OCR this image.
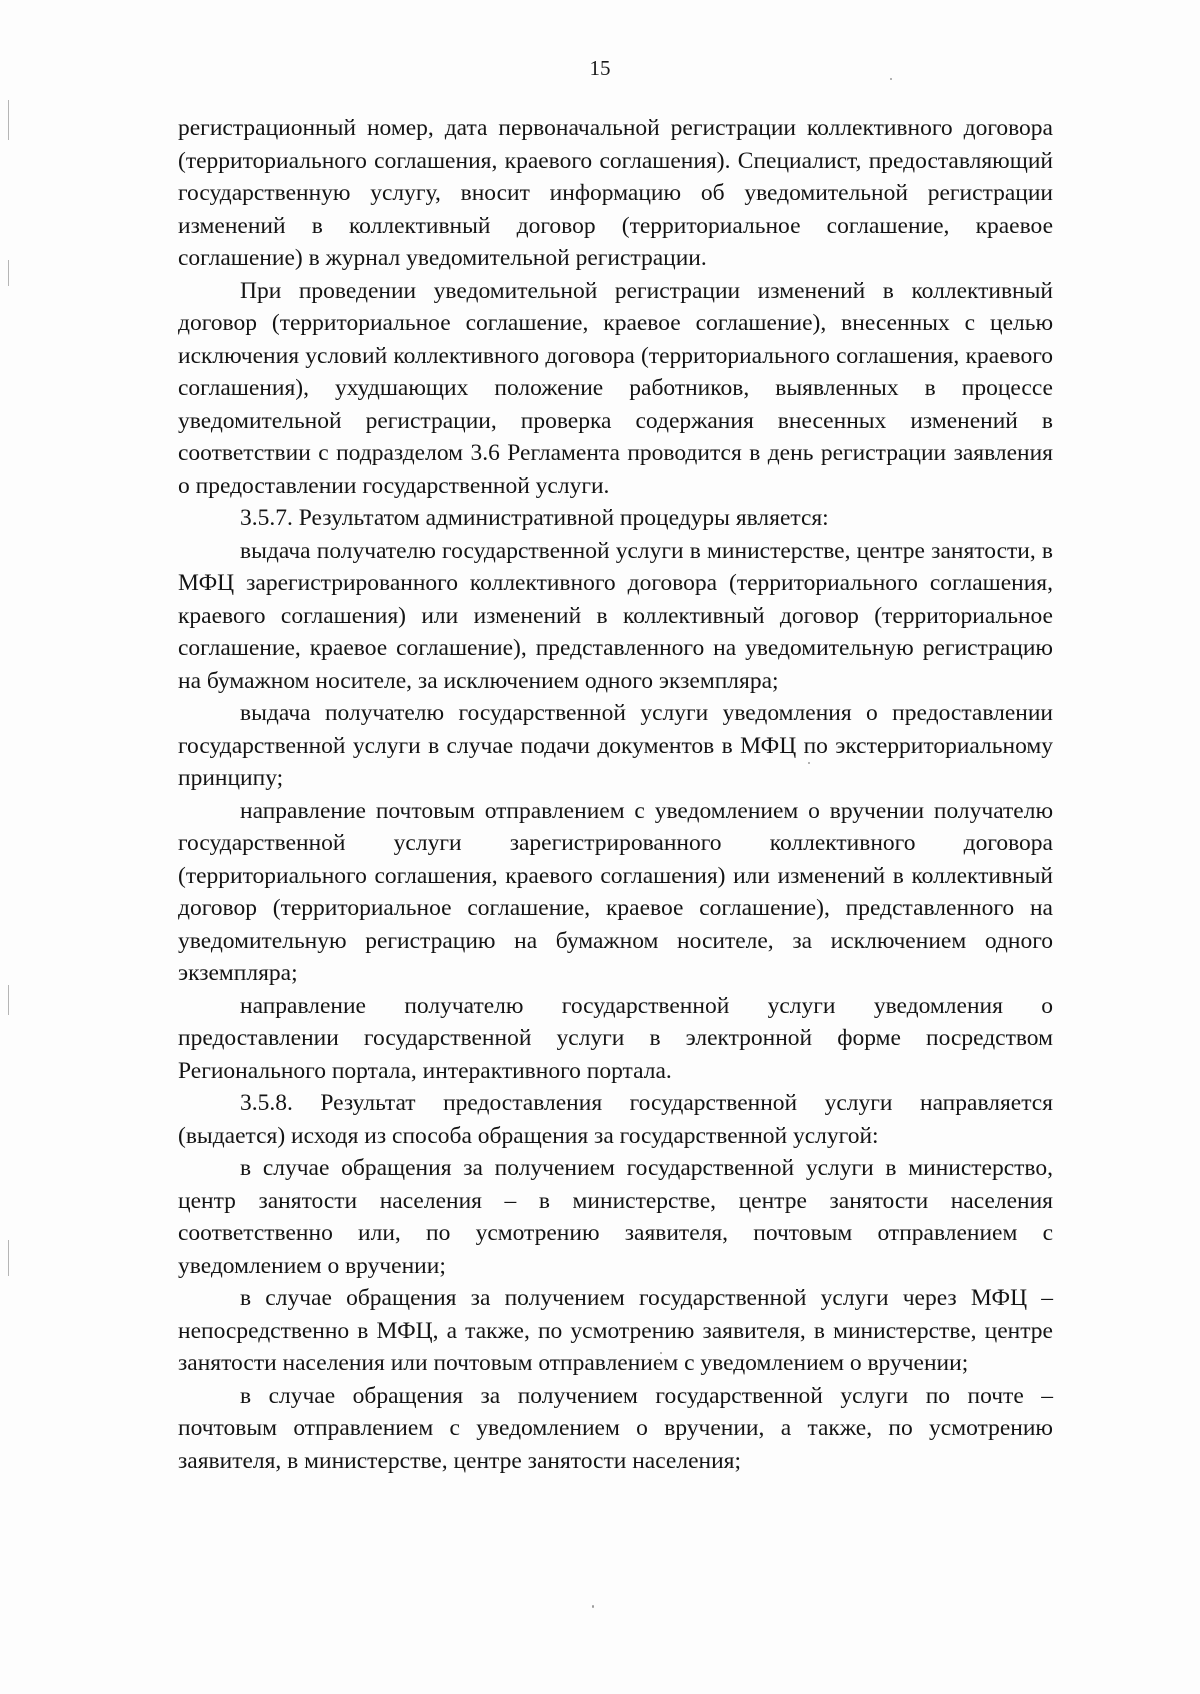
15

регистрационный номер, дата первоначальной регистрации коллективного договора (территориального соглашения, краевого соглашения). Специалист, предоставляющий государственную услугу, вносит информацию об уведомительной регистрации изменений в коллективный договор (территориальное соглашение, краевое соглашение) в журнал уведомительной регистрации.

При проведении уведомительной регистрации изменений в коллективный договор (территориальное соглашение, краевое соглашение), внесенных с целью исключения условий коллективного договора (территориального соглашения, краевого соглашения), ухудшающих положение работников, выявленных в процессе уведомительной регистрации, проверка содержания внесенных изменений в соответствии с подразделом 3.6 Регламента проводится в день регистрации заявления о предоставлении государственной услуги.

3.5.7. Результатом административной процедуры является:

выдача получателю государственной услуги в министерстве, центре занятости, в МФЦ зарегистрированного коллективного договора (территориального соглашения, краевого соглашения) или изменений в коллективный договор (территориальное соглашение, краевое соглашение), представленного на уведомительную регистрацию на бумажном носителе, за исключением одного экземпляра;

выдача получателю государственной услуги уведомления о предоставлении государственной услуги в случае подачи документов в МФЦ по экстерриториальному принципу;

направление почтовым отправлением с уведомлением о вручении получателю государственной услуги зарегистрированного коллективного договора (территориального соглашения, краевого соглашения) или изменений в коллективный договор (территориальное соглашение, краевое соглашение), представленного на уведомительную регистрацию на бумажном носителе, за исключением одного экземпляра;

направление получателю государственной услуги уведомления о предоставлении государственной услуги в электронной форме посредством Регионального портала, интерактивного портала.

3.5.8. Результат предоставления государственной услуги направляется (выдается) исходя из способа обращения за государственной услугой:

в случае обращения за получением государственной услуги в министерство, центр занятости населения – в министерстве, центре занятости населения соответственно или, по усмотрению заявителя, почтовым отправлением с уведомлением о вручении;

в случае обращения за получением государственной услуги через МФЦ – непосредственно в МФЦ, а также, по усмотрению заявителя, в министерстве, центре занятости населения или почтовым отправлением с уведомлением о вручении;

в случае обращения за получением государственной услуги по почте – почтовым отправлением с уведомлением о вручении, а также, по усмотрению заявителя, в министерстве, центре занятости населения;
